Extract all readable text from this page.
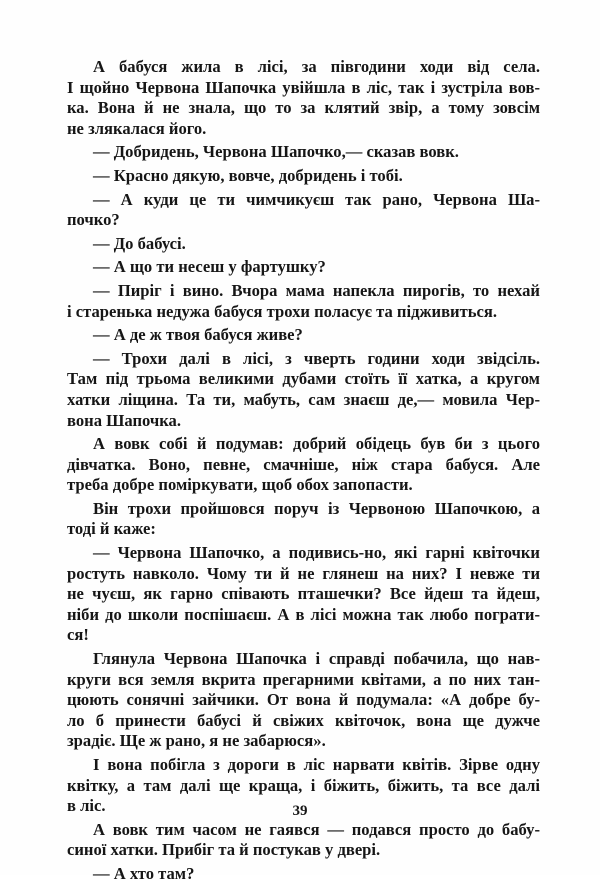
А бабуся жила в лісі, за півгодини ходи від села.
І щойно Червона Шапочка увійшла в ліс, так і зустріла вов-
ка. Вона й не знала, що то за клятий звір, а тому зовсім
не злякалася його.
— Добридень, Червона Шапочко,— сказав вовк.
— Красно дякую, вовче, добридень і тобі.
— А куди це ти чимчикуєш так рано, Червона Ша-
почко?
— До бабусі.
— А що ти несеш у фартушку?
— Пиріг і вино. Вчора мама напекла пирогів, то нехай
і старенька недужа бабуся трохи поласує та підживиться.
— А де ж твоя бабуся живе?
— Трохи далі в лісі, з чверть години ходи звідсіль.
Там під трьома великими дубами стоїть її хатка, а кругом
хатки ліщина. Та ти, мабуть, сам знаєш де,— мовила Чер-
вона Шапочка.
А вовк собі й подумав: добрий обідець був би з цього
дівчатка. Воно, певне, смачніше, ніж стара бабуся. Але
треба добре поміркувати, щоб обох запопасти.
Він трохи пройшовся поруч із Червоною Шапочкою, а
тоді й каже:
— Червона Шапочко, а подивись-но, які гарні квіточки
ростуть навколо. Чому ти й не глянеш на них? І невже ти
не чуєш, як гарно співають пташечки? Все йдеш та йдеш,
ніби до школи поспішаєш. А в лісі можна так любо пограти-
ся!
Глянула Червона Шапочка і справді побачила, що нав-
круги вся земля вкрита прегарними квітами, а по них тан-
цюють сонячні зайчики. От вона й подумала: «А добре бу-
ло б принести бабусі й свіжих квіточок, вона ще дужче
зрадіє. Ще ж рано, я не забарюся».
І вона побігла з дороги в ліс нарвати квітів. Зірве одну
квітку, а там далі ще краща, і біжить, біжить, та все далі
в ліс.
А вовк тим часом не гаявся — подався просто до бабу-
синої хатки. Прибіг та й постукав у двері.
— А хто там?
39
